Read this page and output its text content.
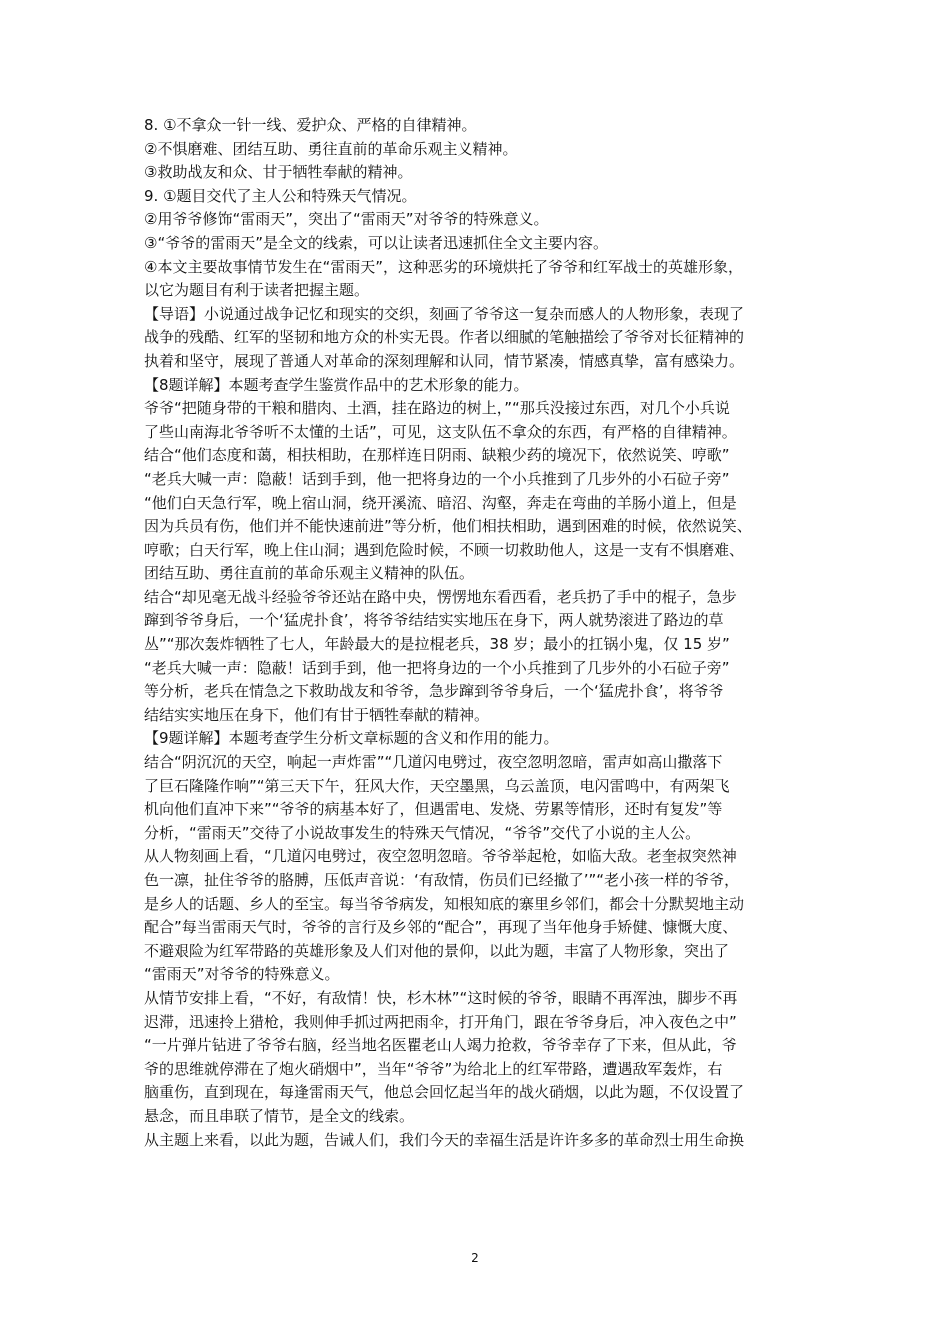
8. ①不拿众一针一线、爱护众、严格的自律精神。
②不惧磨难、团结互助、勇往直前的革命乐观主义精神。
③救助战友和众、甘于牺牲奉献的精神。
9. ①题目交代了主人公和特殊天气情况。
②用爷爷修饰“雷雨天”，突出了“雷雨天”对爷爷的特殊意义。
③“爷爷的雷雨天”是全文的线索，可以让读者迅速抓住全文主要内容。
④本文主要故事情节发生在“雷雨天”，这种恶劣的环境烘托了爷爷和红军战士的英雄形象，
以它为题目有利于读者把握主题。
【导语】小说通过战争记忆和现实的交织，刻画了爷爷这一复杂而感人的人物形象，表现了
战争的残酷、红军的坚韧和地方众的朴实无畏。作者以细腻的笔触描绘了爷爷对长征精神的
执着和坚守，展现了普通人对革命的深刻理解和认同，情节紧凑，情感真挚，富有感染力。
【8题详解】本题考查学生鉴赏作品中的艺术形象的能力。
爷爷“把随身带的干粮和腊肉、土酒，挂在路边的树上，”“那兵没接过东西，对几个小兵说
了些山南海北爷爷听不太懂的土话”，可见，这支队伍不拿众的东西，有严格的自律精神。
结合“他们态度和蔼，相扶相助，在那样连日阴雨、缺粮少药的境况下，依然说笑、哼歌”
“老兵大喊一声：隐蔽！话到手到，他一把将身边的一个小兵推到了几步外的小石砬子旁”
“他们白天急行军，晚上宿山洞，绕开溪流、暗沼、沟壑，奔走在弯曲的羊肠小道上，但是
因为兵员有伤，他们并不能快速前进”等分析，他们相扶相助，遇到困难的时候，依然说笑、
哼歌；白天行军，晚上住山洞；遇到危险时候，不顾一切救助他人，这是一支有不惧磨难、
团结互助、勇往直前的革命乐观主义精神的队伍。
结合“却见毫无战斗经验爷爷还站在路中央，愣愣地东看西看，老兵扔了手中的棍子，急步
蹿到爷爷身后，一个‘猛虎扑食’，将爷爷结结实实地压在身下，两人就势滚进了路边的草
丛”“那次轰炸牺牲了七人，年龄最大的是拉棍老兵，38 岁；最小的扛锅小鬼，仅 15 岁”
“老兵大喊一声：隐蔽！话到手到，他一把将身边的一个小兵推到了几步外的小石砬子旁”
等分析，老兵在情急之下救助战友和爷爷，急步蹿到爷爷身后，一个‘猛虎扑食’，将爷爷
结结实实地压在身下，他们有甘于牺牲奉献的精神。
【9题详解】本题考查学生分析文章标题的含义和作用的能力。
结合“阴沉沉的天空，响起一声炸雷”“几道闪电劈过，夜空忽明忽暗，雷声如高山撒落下
了巨石隆隆作响”“第三天下午，狂风大作，天空墨黑，乌云盖顶，电闪雷鸣中，有两架飞
机向他们直冲下来”“爷爷的病基本好了，但遇雷电、发烧、劳累等情形，还时有复发”等
分析，“雷雨天”交待了小说故事发生的特殊天气情况，“爷爷”交代了小说的主人公。
从人物刻画上看，“几道闪电劈过，夜空忽明忽暗。爷爷举起枪，如临大敌。老奎叔突然神
色一凛，扯住爷爷的胳膊，压低声音说：‘有敌情，伤员们已经撤了’”“老小孩一样的爷爷，
是乡人的话题、乡人的至宝。每当爷爷病发，知根知底的寨里乡邻们，都会十分默契地主动
配合”每当雷雨天气时，爷爷的言行及乡邻的“配合”，再现了当年他身手矫健、慷慨大度、
不避艰险为红军带路的英雄形象及人们对他的景仰，以此为题，丰富了人物形象，突出了
“雷雨天”对爷爷的特殊意义。
从情节安排上看，“不好，有敌情！快，杉木林”“这时候的爷爷，眼睛不再浑浊，脚步不再
迟滞，迅速拎上猎枪，我则伸手抓过两把雨伞，打开角门，跟在爷爷身后，冲入夜色之中”
“一片弹片钻进了爷爷右脑，经当地名医瞿老山人竭力抢救，爷爷幸存了下来，但从此，爷
爷的思维就停滞在了炮火硝烟中”，当年“爷爷”为给北上的红军带路，遭遇敌军轰炸，右
脑重伤，直到现在，每逢雷雨天气，他总会回忆起当年的战火硝烟，以此为题，不仅设置了
悬念，而且串联了情节，是全文的线索。
从主题上来看，以此为题，告诫人们，我们今天的幸福生活是许许多多的革命烈士用生命换
2
